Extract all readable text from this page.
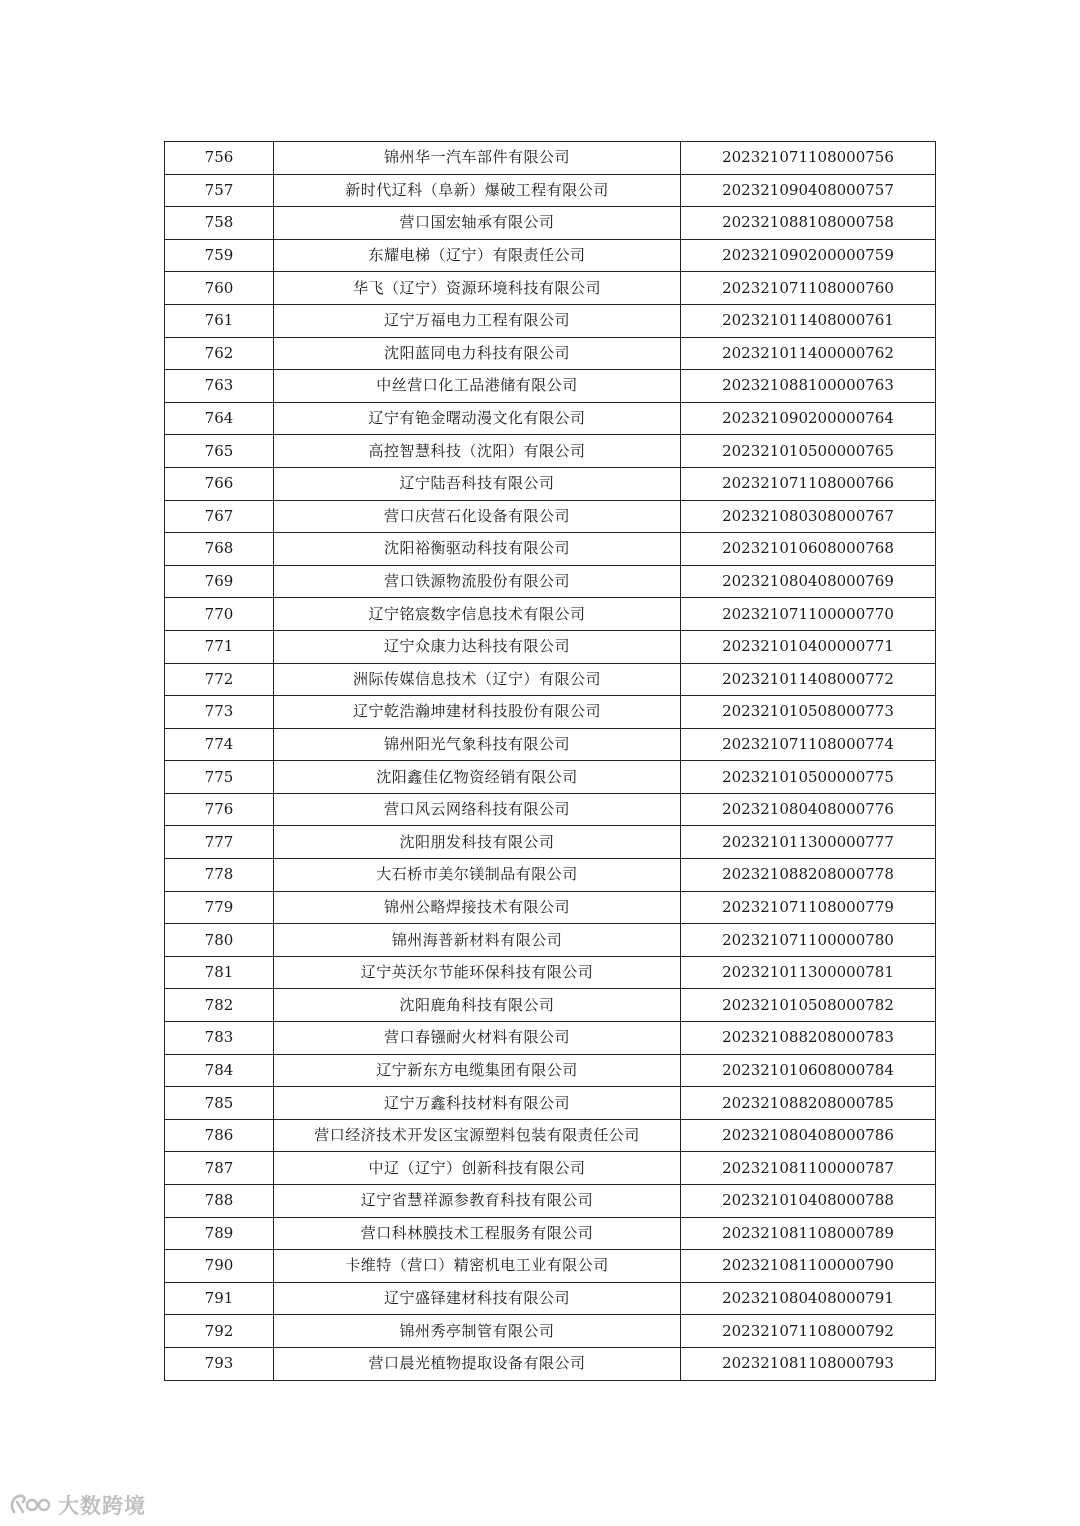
756	锦州华一汽车部件有限公司	202321071108000756
757	新时代辽科（阜新）爆破工程有限公司	202321090408000757
758	营口国宏轴承有限公司	202321088108000758
759	东耀电梯（辽宁）有限责任公司	202321090200000759
760	华飞（辽宁）资源环境科技有限公司	202321071108000760
761	辽宁万福电力工程有限公司	202321011408000761
762	沈阳蓝同电力科技有限公司	202321011400000762
763	中丝营口化工品港储有限公司	202321088100000763
764	辽宁有铯金曙动漫文化有限公司	202321090200000764
765	高控智慧科技（沈阳）有限公司	202321010500000765
766	辽宁陆吾科技有限公司	202321071108000766
767	营口庆营石化设备有限公司	202321080308000767
768	沈阳裕衡驱动科技有限公司	202321010608000768
769	营口铁源物流股份有限公司	202321080408000769
770	辽宁铭宸数字信息技术有限公司	202321071100000770
771	辽宁众康力达科技有限公司	202321010400000771
772	洲际传媒信息技术（辽宁）有限公司	202321011408000772
773	辽宁乾浩瀚坤建材科技股份有限公司	202321010508000773
774	锦州阳光气象科技有限公司	202321071108000774
775	沈阳鑫佳亿物资经销有限公司	202321010500000775
776	营口风云网络科技有限公司	202321080408000776
777	沈阳朋发科技有限公司	202321011300000777
778	大石桥市美尔镁制品有限公司	202321088208000778
779	锦州公略焊接技术有限公司	202321071108000779
780	锦州海普新材料有限公司	202321071100000780
781	辽宁英沃尔节能环保科技有限公司	202321011300000781
782	沈阳鹿角科技有限公司	202321010508000782
783	营口春镪耐火材料有限公司	202321088208000783
784	辽宁新东方电缆集团有限公司	202321010608000784
785	辽宁万鑫科技材料有限公司	202321088208000785
786	营口经济技术开发区宝源塑料包装有限责任公司	202321080408000786
787	中辽（辽宁）创新科技有限公司	202321081100000787
788	辽宁省慧祥源参教育科技有限公司	202321010408000788
789	营口科林膜技术工程服务有限公司	202321081108000789
790	卡维特（营口）精密机电工业有限公司	202321081100000790
791	辽宁盛铎建材科技有限公司	202321080408000791
792	锦州秀亭制管有限公司	202321071108000792
793	营口晨光植物提取设备有限公司	202321081108000793
大数跨境
